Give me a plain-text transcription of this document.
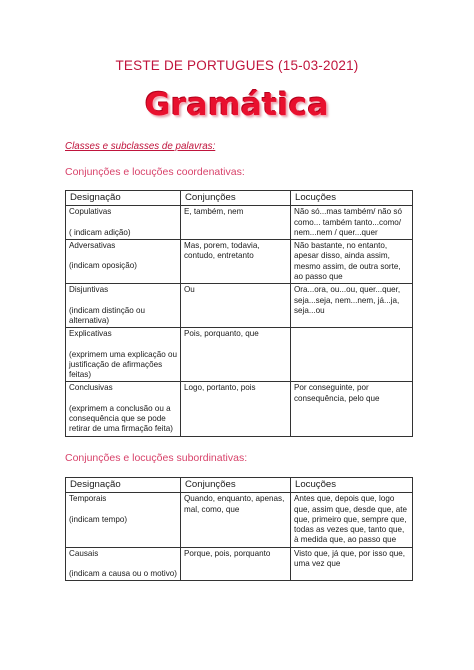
TESTE DE PORTUGUES (15-03-2021)
Gramática
Classes e subclasses de palavras:
Conjunções e locuções coordenativas:
Designação	Conjunções	Locuções
Copulativas
( indicam adição)	E, também, nem	Não só...mas também/ não só como... também tanto...como/ nem...nem / quer...quer
Adversativas
(indicam oposição)	Mas, porem, todavia, contudo, entretanto	Não bastante, no entanto, apesar disso, ainda assim, mesmo assim, de outra sorte, ao passo que
Disjuntivas
(indicam distinção ou alternativa)	Ou	Ora...ora, ou...ou, quer...quer, seja...seja, nem...nem, já...ja, seja...ou
Explicativas
(exprimem uma explicação ou justificação de afirmações feitas)	Pois, porquanto, que	
Conclusivas
(exprimem a conclusão ou a consequência que se pode retirar de uma firmação feita)	Logo, portanto, pois	Por conseguinte, por consequência, pelo que
Conjunções e locuções subordinativas:
Designação	Conjunções	Locuções
Temporais
(indicam tempo)	Quando, enquanto, apenas, mal, como, que	Antes que, depois que, logo que, assim que, desde que, ate que, primeiro que, sempre que, todas as vezes que, tanto que, à medida que, ao passo que
Causais
(indicam a causa ou o motivo)	Porque, pois, porquanto	Visto que, já que, por isso que, uma vez que
